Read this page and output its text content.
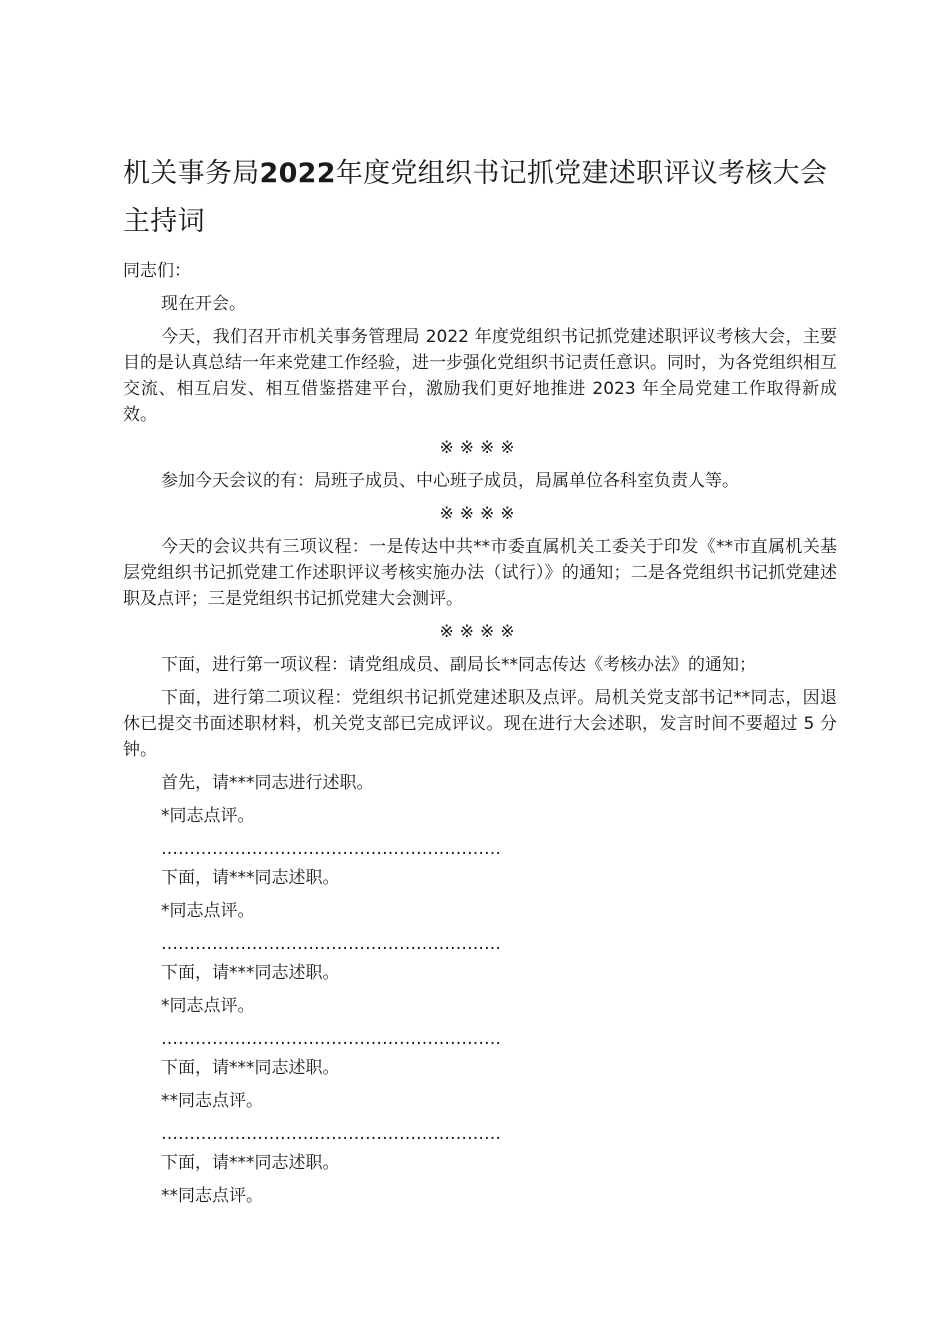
机关事务局2022年度党组织书记抓党建述职评议考核大会主持词
同志们：
现在开会。
今天，我们召开市机关事务管理局 2022 年度党组织书记抓党建述职评议考核大会，主要目的是认真总结一年来党建工作经验，进一步强化党组织书记责任意识。同时，为各党组织相互交流、相互启发、相互借鉴搭建平台，激励我们更好地推进 2023 年全局党建工作取得新成效。
※※※※
参加今天会议的有：局班子成员、中心班子成员，局属单位各科室负责人等。
※※※※
今天的会议共有三项议程：一是传达中共**市委直属机关工委关于印发《**市直属机关基层党组织书记抓党建工作述职评议考核实施办法（试行）》的通知；二是各党组织书记抓党建述职及点评；三是党组织书记抓党建大会测评。
※※※※
下面，进行第一项议程：请党组成员、副局长**同志传达《考核办法》的通知；
下面，进行第二项议程：党组织书记抓党建述职及点评。局机关党支部书记**同志，因退休已提交书面述职材料，机关党支部已完成评议。现在进行大会述职，发言时间不要超过 5 分钟。
首先，请***同志进行述职。
*同志点评。
……………………………………………………
下面，请***同志述职。
*同志点评。
……………………………………………………
下面，请***同志述职。
*同志点评。
……………………………………………………
下面，请***同志述职。
**同志点评。
……………………………………………………
下面，请***同志述职。
**同志点评。
